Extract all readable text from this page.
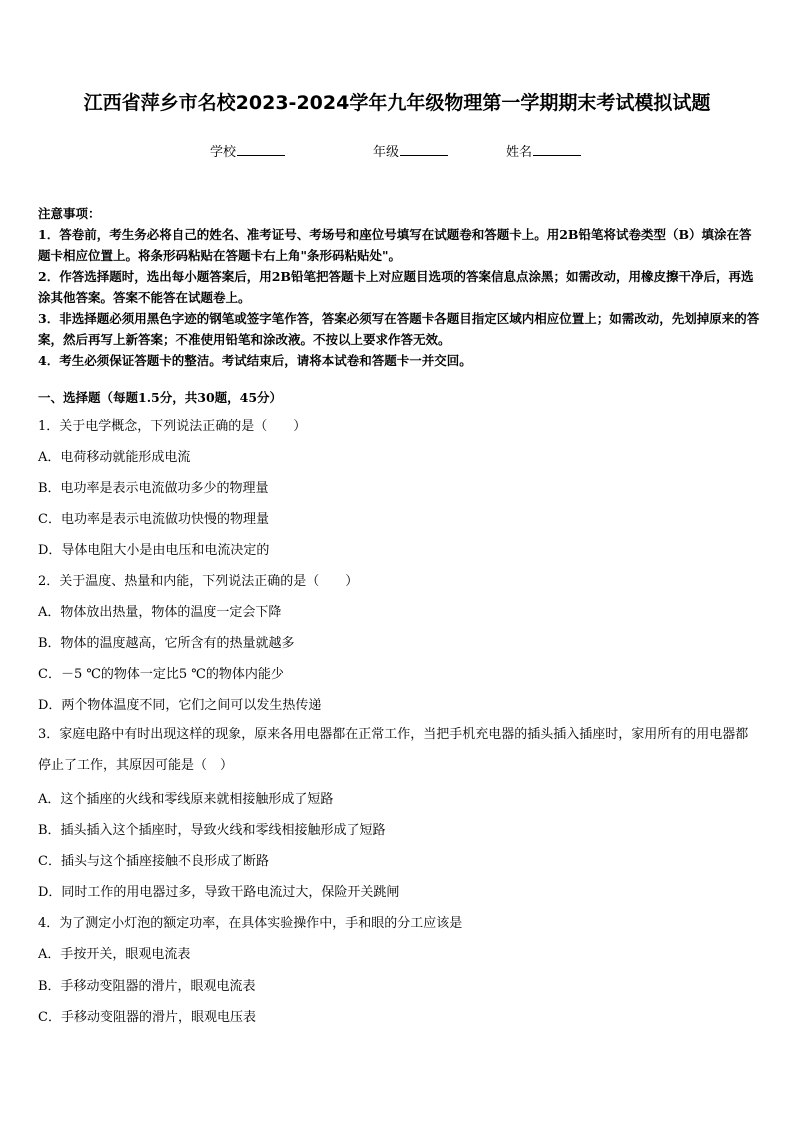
江西省萍乡市名校2023-2024学年九年级物理第一学期期末考试模拟试题
学校	年级	姓名

注意事项：

1．答卷前，考生务必将自己的姓名、准考证号、考场号和座位号填写在试题卷和答题卡上。用2B铅笔将试卷类型（B）填涂在答题卡相应位置上。将条形码粘贴在答题卡右上角"条形码粘贴处"。

2．作答选择题时，选出每小题答案后，用2B铅笔把答题卡上对应题目选项的答案信息点涂黑；如需改动，用橡皮擦干净后，再选涂其他答案。答案不能答在试题卷上。

3．非选择题必须用黑色字迹的钢笔或签字笔作答，答案必须写在答题卡各题目指定区域内相应位置上；如需改动，先划掉原来的答案，然后再写上新答案；不准使用铅笔和涂改液。不按以上要求作答无效。

4．考生必须保证答题卡的整洁。考试结束后，请将本试卷和答题卡一并交回。

一、选择题（每题1.5分，共30题，45分）
1．关于电学概念，下列说法正确的是（　　）
A．电荷移动就能形成电流
B．电功率是表示电流做功多少的物理量
C．电功率是表示电流做功快慢的物理量
D．导体电阻大小是由电压和电流决定的
2．关于温度、热量和内能，下列说法正确的是（　　）
A．物体放出热量，物体的温度一定会下降
B．物体的温度越高，它所含有的热量就越多
C．－5 ℃的物体一定比5 ℃的物体内能少
D．两个物体温度不同，它们之间可以发生热传递
3．家庭电路中有时出现这样的现象，原来各用电器都在正常工作，当把手机充电器的插头插入插座时，家用所有的用电器都停止了工作，其原因可能是（　）
A．这个插座的火线和零线原来就相接触形成了短路
B．插头插入这个插座时，导致火线和零线相接触形成了短路
C．插头与这个插座接触不良形成了断路
D．同时工作的用电器过多，导致干路电流过大，保险开关跳闸
4．为了测定小灯泡的额定功率，在具体实验操作中，手和眼的分工应该是
A．手按开关，眼观电流表
B．手移动变阻器的滑片，眼观电流表
C．手移动变阻器的滑片，眼观电压表
